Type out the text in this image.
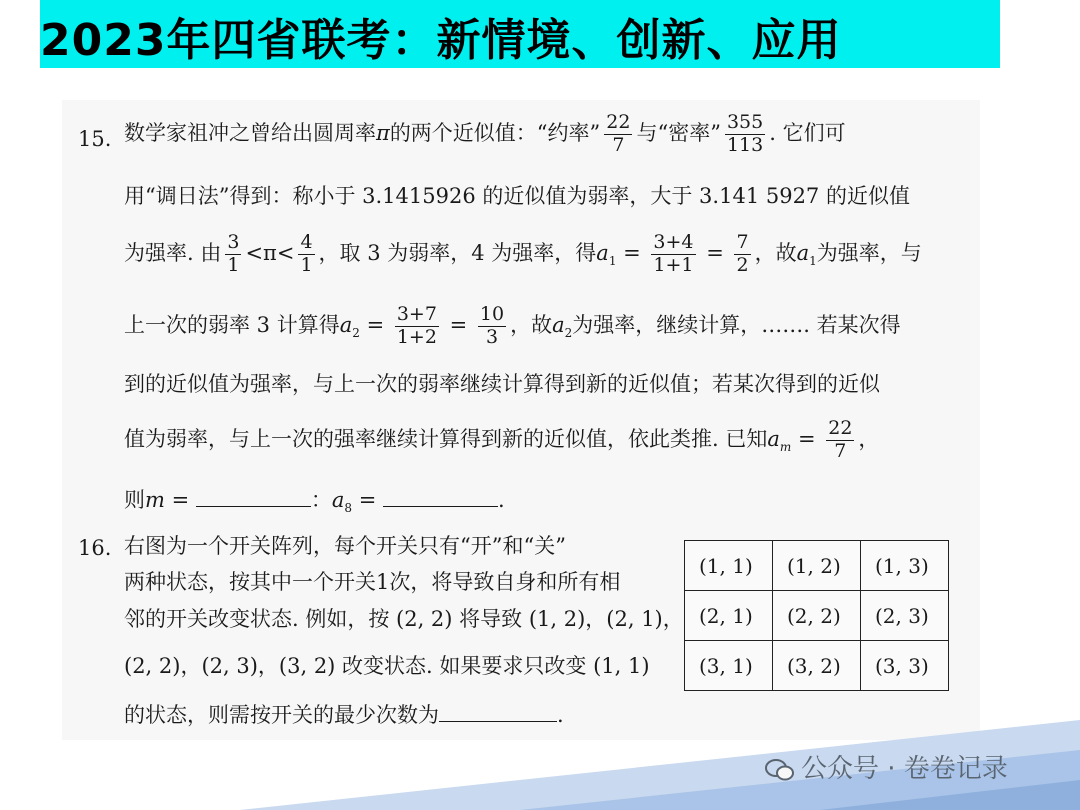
2023年四省联考：新情境、创新、应用
15. 数学家祖冲之曾给出圆周率π的两个近似值：“约率” $\frac{22}{7}$ 与“密率” $\frac{355}{113}$ . 它们可
用“调日法”得到：称小于 3.1415926 的近似值为弱率，大于 3.141 5927 的近似值
为强率. 由 $\frac{3}{1} <\pi< \frac{4}{1}$ ，取 3 为弱率，4 为强率，得$a_1 = \frac{3+4}{1+1} = \frac{7}{2}$ ，故$a_1$为强率，与
上一次的弱率 3 计算得$a_2 = \frac{3+7}{1+2} = \frac{10}{3}$ ，故$a_2$为强率，继续计算，……. 若某次得
到的近似值为强率，与上一次的弱率继续计算得到新的近似值；若某次得到的近似
值为弱率，与上一次的强率继续计算得到新的近似值，依此类推. 已知$a_m = \frac{22}{7}$ ，
则m =	：$a_8$ =	.
16. 右图为一个开关阵列，每个开关只有“开”和“关”
两种状态，按其中一个开关1次，将导致自身和所有相
邻的开关改变状态. 例如，按 (2, 2) 将导致 (1, 2)，(2, 1)，
(2, 2)，(2, 3)，(3, 2) 改变状态. 如果要求只改变 (1, 1)
的状态，则需按开关的最少次数为	.
(1, 1)	(1, 2)	(1, 3)
(2, 1)	(2, 2)	(2, 3)
(3, 1)	(3, 2)	(3, 3)
公众号 · 卷卷记录
